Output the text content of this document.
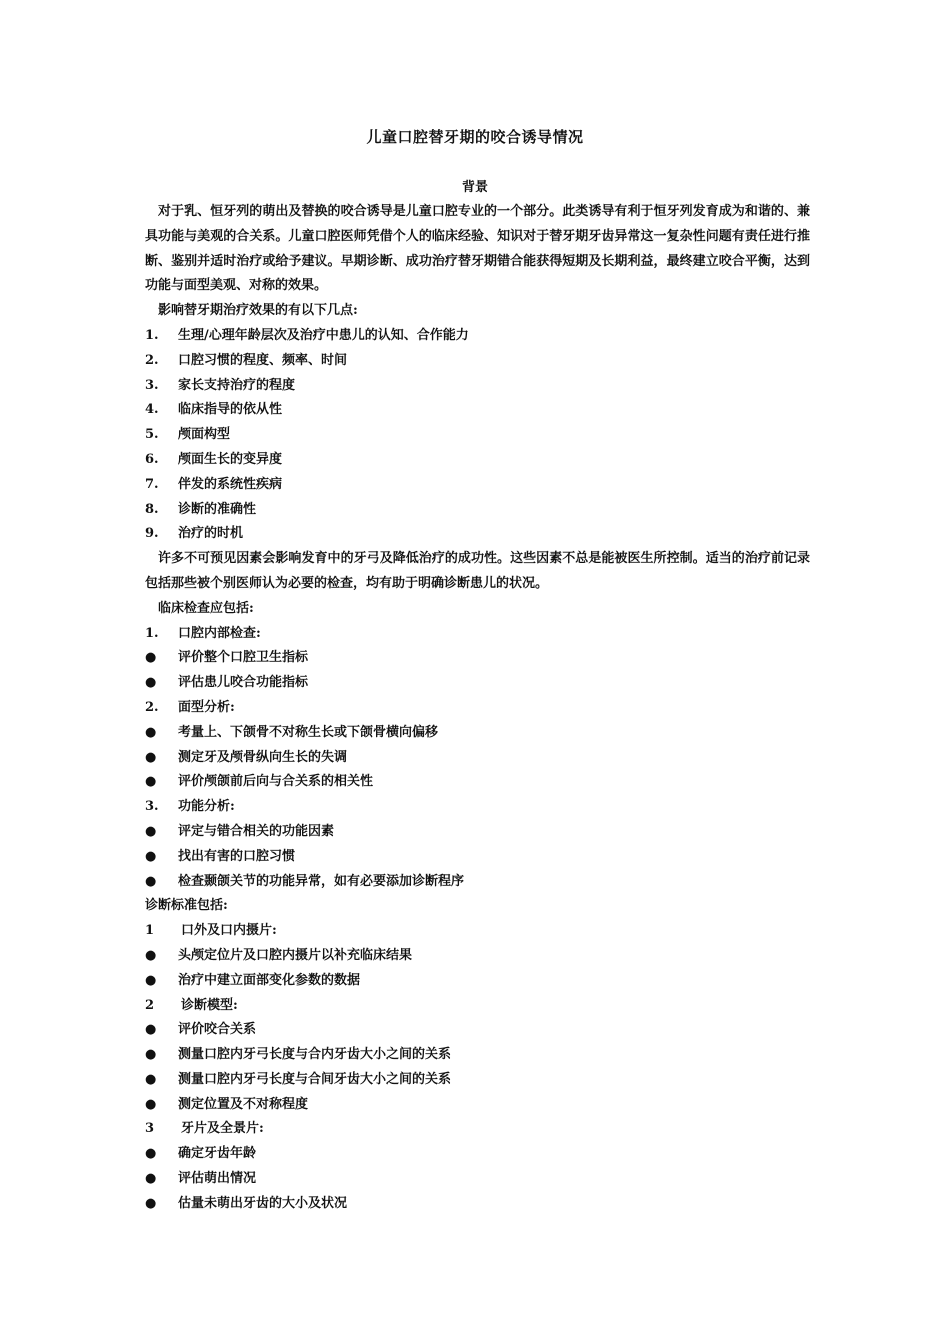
儿童口腔替牙期的咬合诱导情况
背景

对于乳、恒牙列的萌出及替换的咬合诱导是儿童口腔专业的一个部分。此类诱导有利于恒牙列发育成为和谐的、兼具功能与美观的合关系。儿童口腔医师凭借个人的临床经验、知识对于替牙期牙齿异常这一复杂性问题有责任进行推断、鉴别并适时治疗或给予建议。早期诊断、成功治疗替牙期错合能获得短期及长期利益，最终建立咬合平衡，达到功能与面型美观、对称的效果。

影响替牙期治疗效果的有以下几点:
1. 生理/心理年龄层次及治疗中患儿的认知、合作能力
2. 口腔习惯的程度、频率、时间
3. 家长支持治疗的程度
4. 临床指导的依从性
5. 颅面构型
6. 颅面生长的变异度
7. 伴发的系统性疾病
8. 诊断的准确性
9. 治疗的时机

许多不可预见因素会影响发育中的牙弓及降低治疗的成功性。这些因素不总是能被医生所控制。适当的治疗前记录包括那些被个别医师认为必要的检查，均有助于明确诊断患儿的状况。

临床检查应包括:
1. 口腔内部检查:
● 评价整个口腔卫生指标
● 评估患儿咬合功能指标
2. 面型分析:
● 考量上、下颌骨不对称生长或下颌骨横向偏移
● 测定牙及颅骨纵向生长的失调
● 评价颅颌前后向与合关系的相关性
3. 功能分析:
● 评定与错合相关的功能因素
● 找出有害的口腔习惯
● 检查颞颌关节的功能异常，如有必要添加诊断程序
诊断标准包括:
1 口外及口内摄片:
● 头颅定位片及口腔内摄片以补充临床结果
● 治疗中建立面部变化参数的数据
2 诊断模型:
● 评价咬合关系
● 测量口腔内牙弓长度与合内牙齿大小之间的关系
● 测量口腔内牙弓长度与合间牙齿大小之间的关系
● 测定位置及不对称程度
3 牙片及全景片:
● 确定牙齿年龄
● 评估萌出情况
● 估量未萌出牙齿的大小及状况
